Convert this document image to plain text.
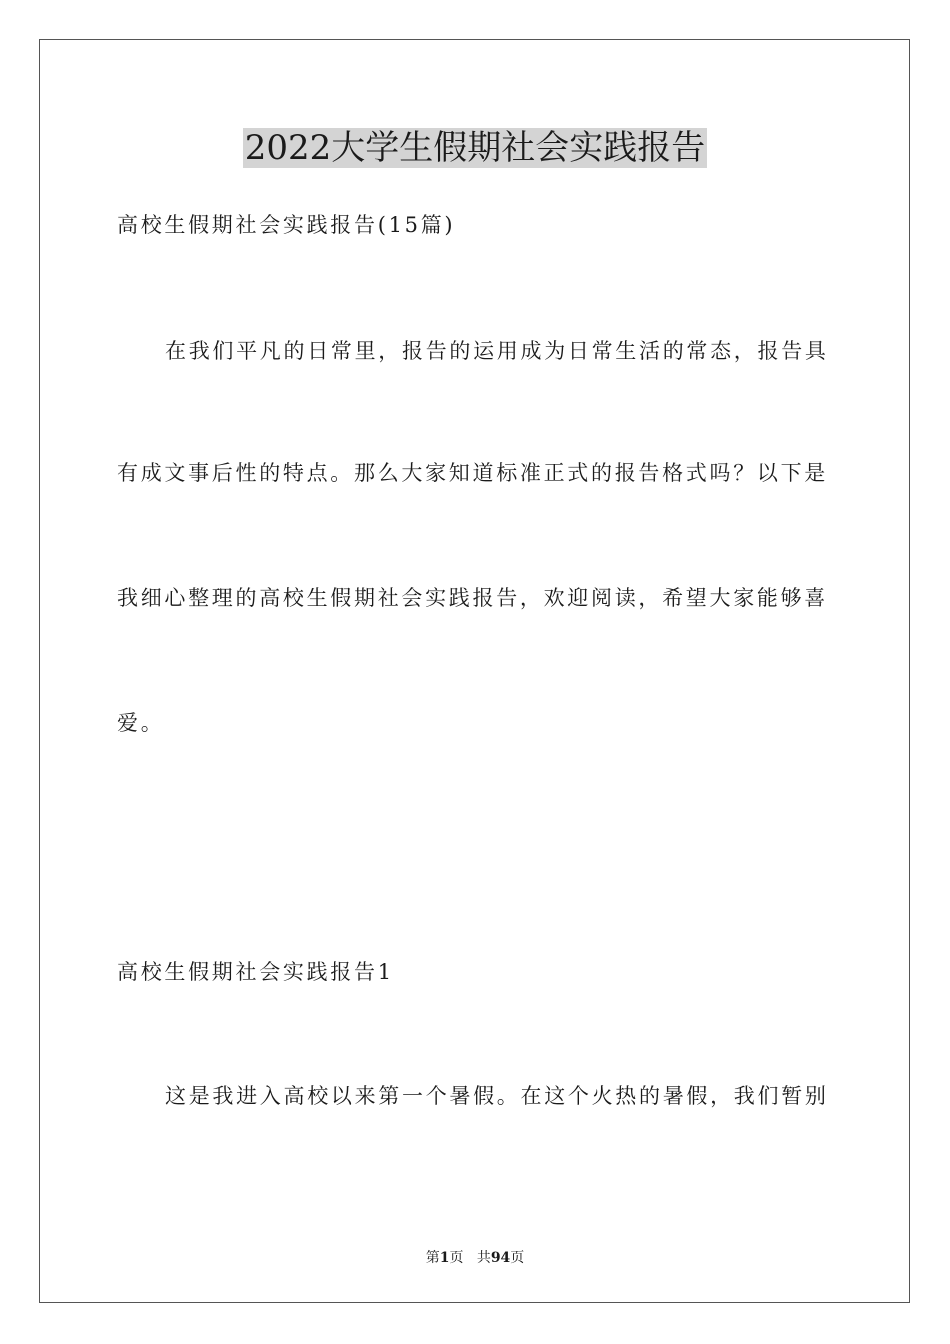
2022大学生假期社会实践报告
高校生假期社会实践报告(15篇)
在我们平凡的日常里，报告的运用成为日常生活的常态，报告具
有成文事后性的特点。那么大家知道标准正式的报告格式吗？以下是
我细心整理的高校生假期社会实践报告，欢迎阅读，希望大家能够喜
爱。
高校生假期社会实践报告1
这是我进入高校以来第一个暑假。在这个火热的暑假，我们暂别
第1页 共94页
